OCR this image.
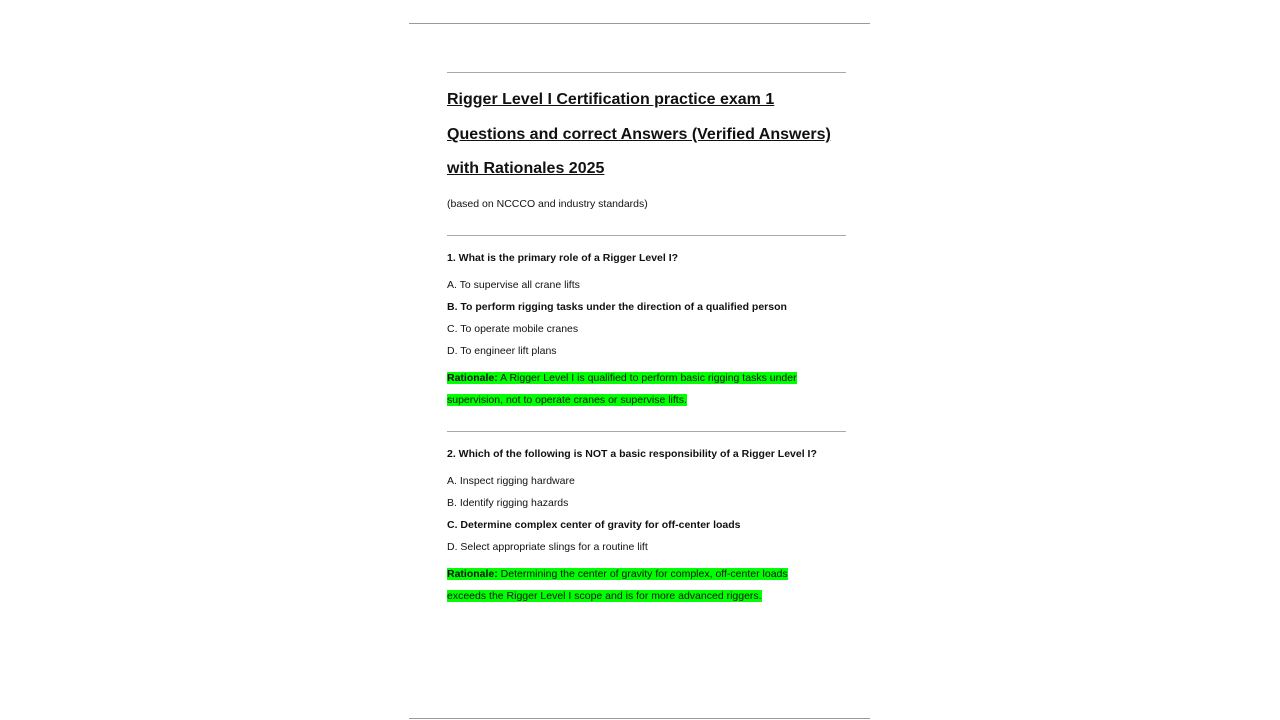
Rigger Level I Certification practice exam 1
Questions and correct Answers (Verified Answers)
with Rationales 2025
(based on NCCCO and industry standards)
1. What is the primary role of a Rigger Level I?
A. To supervise all crane lifts
B. To perform rigging tasks under the direction of a qualified person
C. To operate mobile cranes
D. To engineer lift plans
Rationale: A Rigger Level I is qualified to perform basic rigging tasks under
supervision, not to operate cranes or supervise lifts.
2. Which of the following is NOT a basic responsibility of a Rigger Level I?
A. Inspect rigging hardware
B. Identify rigging hazards
C. Determine complex center of gravity for off-center loads
D. Select appropriate slings for a routine lift
Rationale: Determining the center of gravity for complex, off-center loads
exceeds the Rigger Level I scope and is for more advanced riggers.
